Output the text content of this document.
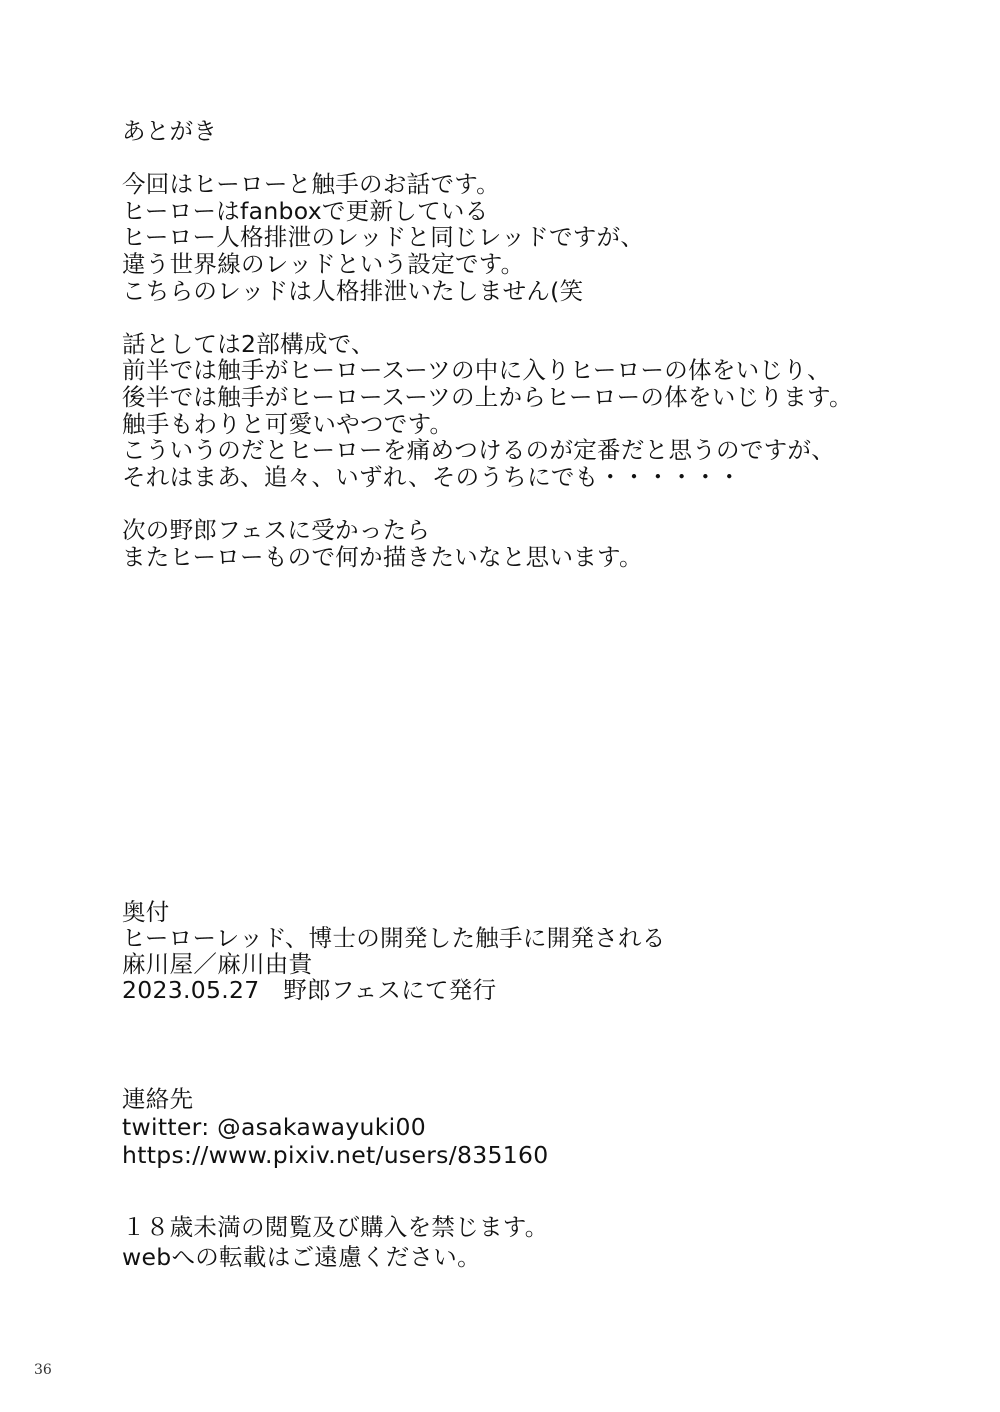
あとがき
今回はヒーローと触手のお話です。
ヒーローはfanboxで更新している
ヒーロー人格排泄のレッドと同じレッドですが、
違う世界線のレッドという設定です。
こちらのレッドは人格排泄いたしません(笑
話としては2部構成で、
前半では触手がヒーロースーツの中に入りヒーローの体をいじり、
後半では触手がヒーロースーツの上からヒーローの体をいじります。
触手もわりと可愛いやつです。
こういうのだとヒーローを痛めつけるのが定番だと思うのですが、
それはまあ、追々、いずれ、そのうちにでも・・・・・・
次の野郎フェスに受かったら
またヒーローもので何か描きたいなと思います。
奥付
ヒーローレッド、博士の開発した触手に開発される
麻川屋／麻川由貴
2023.05.27　野郎フェスにて発行
連絡先
twitter: @asakawayuki00
https://www.pixiv.net/users/835160
１８歳未満の閲覧及び購入を禁じます。
webへの転載はご遠慮ください。
36
